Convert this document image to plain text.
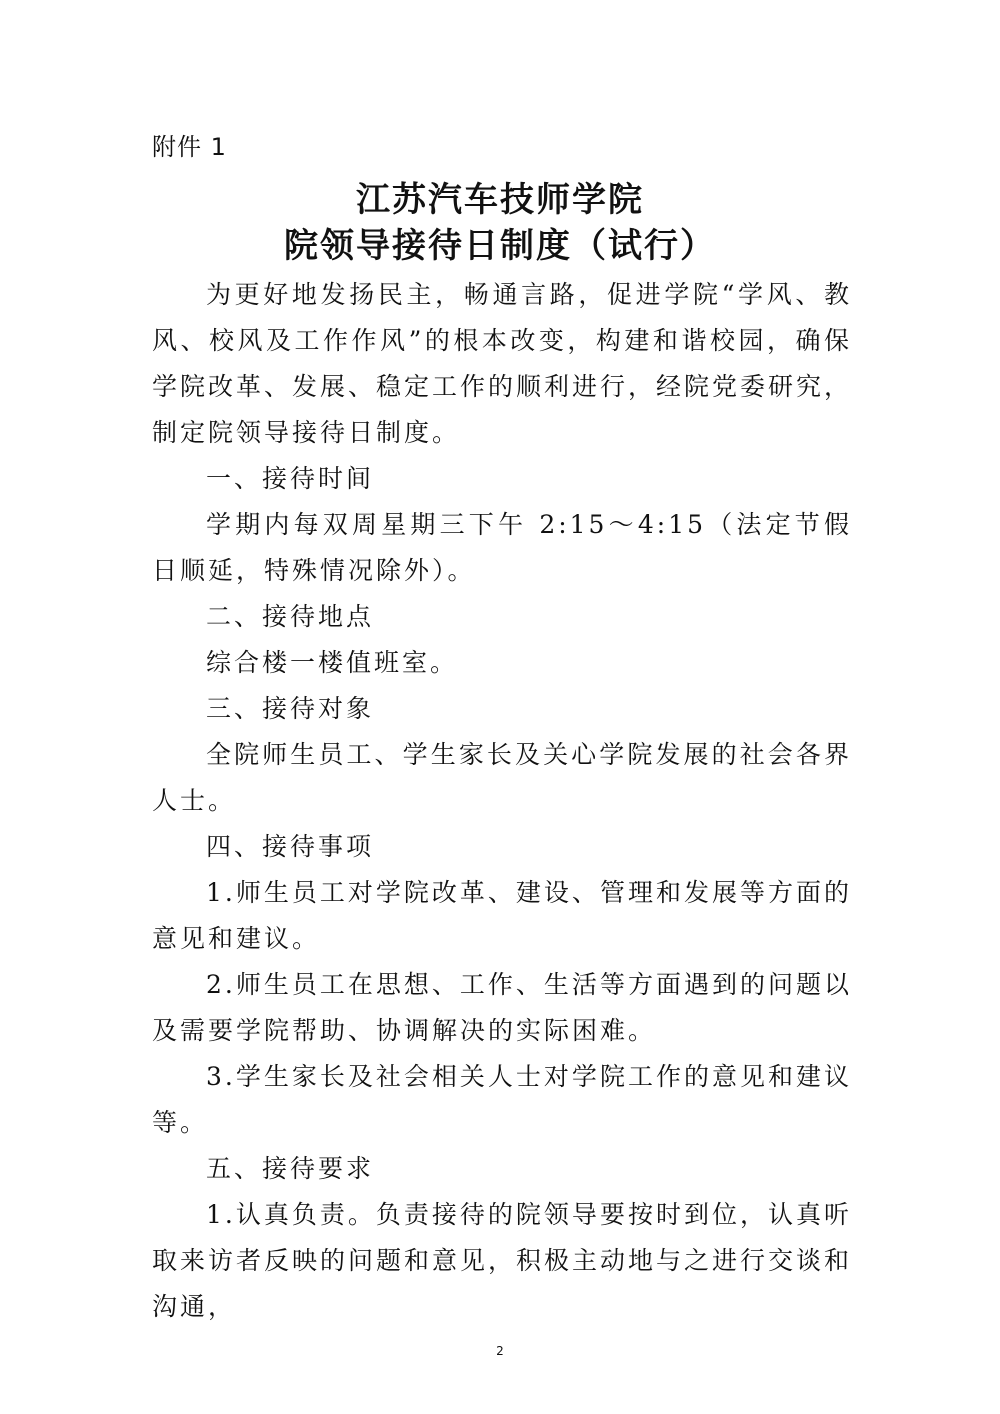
附件 1
江苏汽车技师学院
院领导接待日制度（试行）

为更好地发扬民主，畅通言路，促进学院“学风、教风、校风及工作作风”的根本改变，构建和谐校园，确保学院改革、发展、稳定工作的顺利进行，经院党委研究，制定院领导接待日制度。

一、接待时间

学期内每双周星期三下午 2:15～4:15（法定节假日顺延，特殊情况除外）。

二、接待地点

综合楼一楼值班室。

三、接待对象

全院师生员工、学生家长及关心学院发展的社会各界人士。

四、接待事项

1.师生员工对学院改革、建设、管理和发展等方面的意见和建议。

2.师生员工在思想、工作、生活等方面遇到的问题以及需要学院帮助、协调解决的实际困难。

3.学生家长及社会相关人士对学院工作的意见和建议等。

五、接待要求

1.认真负责。负责接待的院领导要按时到位，认真听取来访者反映的问题和意见，积极主动地与之进行交谈和沟通，

2
